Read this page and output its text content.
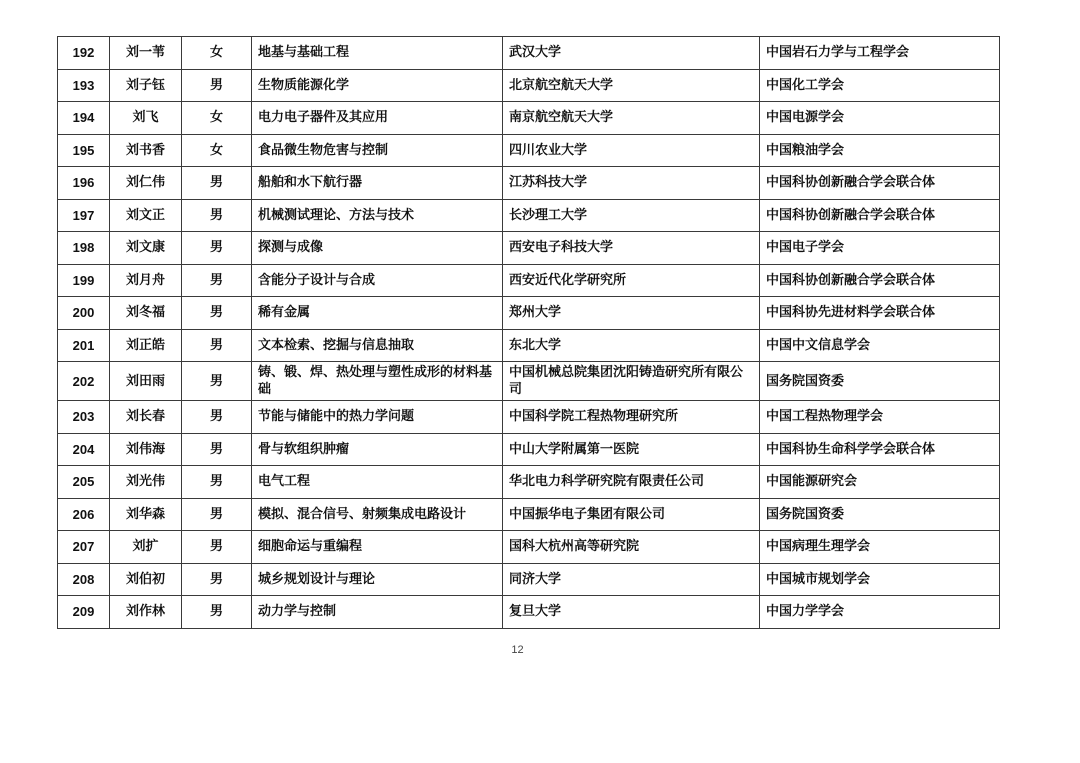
192	刘一苇	女	地基与基础工程	武汉大学	中国岩石力学与工程学会
193	刘子钰	男	生物质能源化学	北京航空航天大学	中国化工学会
194	刘飞	女	电力电子器件及其应用	南京航空航天大学	中国电源学会
195	刘书香	女	食品微生物危害与控制	四川农业大学	中国粮油学会
196	刘仁伟	男	船舶和水下航行器	江苏科技大学	中国科协创新融合学会联合体
197	刘文正	男	机械测试理论、方法与技术	长沙理工大学	中国科协创新融合学会联合体
198	刘文康	男	探测与成像	西安电子科技大学	中国电子学会
199	刘月舟	男	含能分子设计与合成	西安近代化学研究所	中国科协创新融合学会联合体
200	刘冬福	男	稀有金属	郑州大学	中国科协先进材料学会联合体
201	刘正皓	男	文本检索、挖掘与信息抽取	东北大学	中国中文信息学会
202	刘田雨	男	铸、锻、焊、热处理与塑性成形的材料基础	中国机械总院集团沈阳铸造研究所有限公司	国务院国资委
203	刘长春	男	节能与储能中的热力学问题	中国科学院工程热物理研究所	中国工程热物理学会
204	刘伟海	男	骨与软组织肿瘤	中山大学附属第一医院	中国科协生命科学学会联合体
205	刘光伟	男	电气工程	华北电力科学研究院有限责任公司	中国能源研究会
206	刘华森	男	模拟、混合信号、射频集成电路设计	中国振华电子集团有限公司	国务院国资委
207	刘扩	男	细胞命运与重编程	国科大杭州高等研究院	中国病理生理学会
208	刘伯初	男	城乡规划设计与理论	同济大学	中国城市规划学会
209	刘作林	男	动力学与控制	复旦大学	中国力学学会
12
